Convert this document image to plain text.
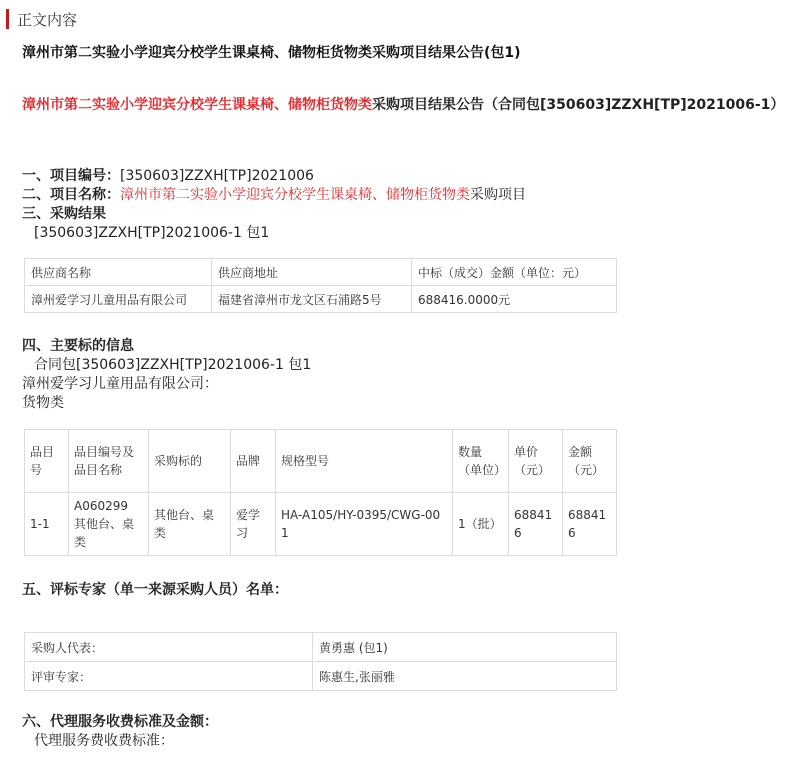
正文内容
漳州市第二实验小学迎宾分校学生课桌椅、储物柜货物类采购项目结果公告(包1)
漳州市第二实验小学迎宾分校学生课桌椅、储物柜货物类采购项目结果公告（合同包[350603]ZZXH[TP]2021006-1）
一、项目编号：[350603]ZZXH[TP]2021006
二、项目名称：漳州市第二实验小学迎宾分校学生课桌椅、储物柜货物类采购项目
三、采购结果
[350603]ZZXH[TP]2021006-1 包1
供应商名称	供应商地址	中标（成交）金额（单位：元）
漳州爱学习儿童用品有限公司	福建省漳州市龙文区石浦路5号	688416.0000元
四、主要标的信息
合同包[350603]ZZXH[TP]2021006-1 包1
漳州爱学习儿童用品有限公司：
货物类
品目号	品目编号及品目名称	采购标的	品牌	规格型号	数量（单位）	单价（元）	金额（元）
1-1	A060299 其他台、桌类	其他台、桌类	爱学习	HA-A105/HY-0395/CWG-001	1（批）	688416	688416
五、评标专家（单一来源采购人员）名单：
采购人代表：	黄勇惠 (包1)
评审专家：	陈惠生,张丽雅
六、代理服务收费标准及金额：
代理服务费收费标准：
